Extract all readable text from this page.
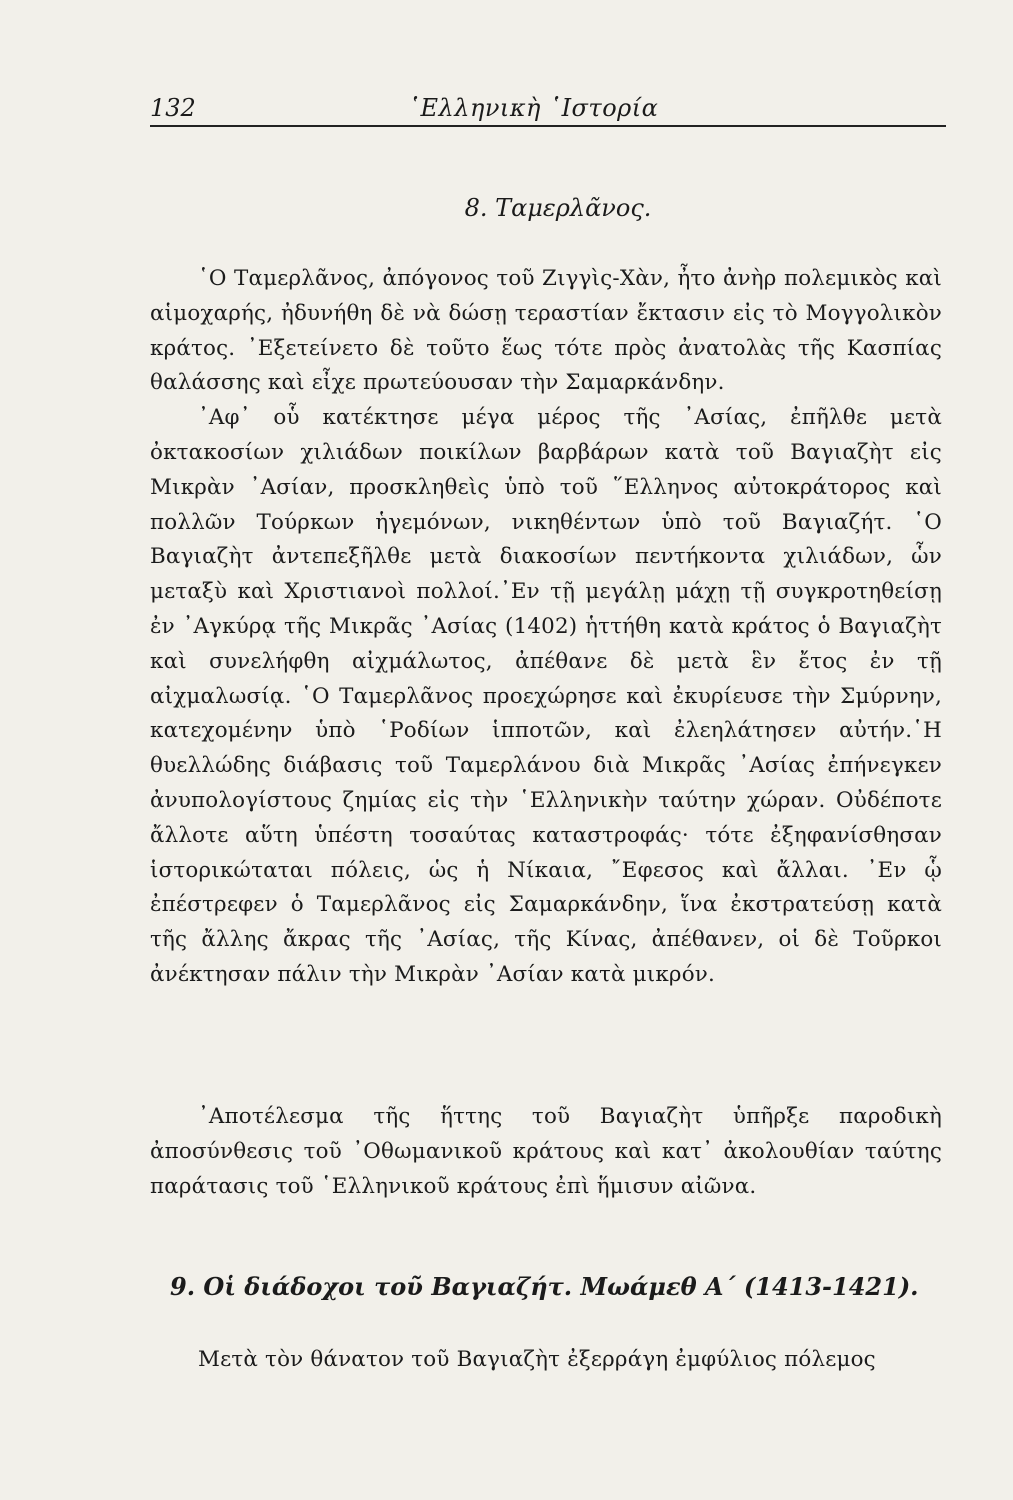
132	῾Ελληνικὴ ῾Ιστορία
8. Ταμερλᾶνος.

῾Ο Ταμερλᾶνος, ἀπόγονος τοῦ Ζιγγὶς-Χὰν, ἦτο ἀνὴρ πολεμικὸς καὶ αἱμοχαρής, ἠδυνήθη δὲ νὰ δώσῃ τεραστίαν ἔκτασιν εἰς τὸ Μογγολικὸν κράτος. ᾿Εξετείνετο δὲ τοῦτο ἕως τότε πρὸς ἀνατολὰς τῆς Κασπίας θαλάσσης καὶ εἶχε πρωτεύουσαν τὴν Σαμαρκάνδην.

᾿Αφ᾿ οὗ κατέκτησε μέγα μέρος τῆς ᾿Ασίας, ἐπῆλθε μετὰ ὀκτακοσίων χιλιάδων ποικίλων βαρβάρων κατὰ τοῦ Βαγιαζὴτ εἰς Μικρὰν ᾿Ασίαν, προσκληθεὶς ὑπὸ τοῦ ῞Ελληνος αὐτοκράτορος καὶ πολλῶν Τούρκων ἡγεμόνων, νικηθέντων ὑπὸ τοῦ Βαγιαζήτ. ῾Ο Βαγιαζὴτ ἀντεπεξῆλθε μετὰ διακοσίων πεντήκοντα χιλιάδων, ὧν μεταξὺ καὶ Χριστιανοὶ πολλοί.᾿Εν τῇ μεγάλῃ μάχῃ τῇ συγκροτηθείσῃ ἐν ᾿Αγκύρᾳ τῆς Μικρᾶς ᾿Ασίας (1402) ἡττήθη κατὰ κράτος ὁ Βαγιαζὴτ καὶ συνελήφθη αἰχμάλωτος, ἀπέθανε δὲ μετὰ ἓν ἔτος ἐν τῇ αἰχμαλωσίᾳ. ῾Ο Ταμερλᾶνος προεχώρησε καὶ ἐκυρίευσε τὴν Σμύρνην, κατεχομένην ὑπὸ ῾Ροδίων ἱπποτῶν, καὶ ἐλεηλάτησεν αὐτήν.῾Η θυελλώδης διάβασις τοῦ Ταμερλάνου διὰ Μικρᾶς ᾿Ασίας ἐπήνεγκεν ἀνυπολογίστους ζημίας εἰς τὴν ῾Ελληνικὴν ταύτην χώραν. Οὐδέποτε ἄλλοτε αὕτη ὑπέστη τοσαύτας καταστροφάς· τότε ἐξηφανίσθησαν ἱστορικώταται πόλεις, ὡς ἡ Νίκαια, ῎Εφεσος καὶ ἄλλαι. ᾿Εν ᾧ ἐπέστρεφεν ὁ Ταμερλᾶνος εἰς Σαμαρκάνδην, ἵνα ἐκστρατεύσῃ κατὰ τῆς ἄλλης ἄκρας τῆς ᾿Ασίας, τῆς Κίνας, ἀπέθανεν, οἱ δὲ Τοῦρκοι ἀνέκτησαν πάλιν τὴν Μικρὰν ᾿Ασίαν κατὰ μικρόν.

᾿Αποτέλεσμα τῆς ἥττης τοῦ Βαγιαζὴτ ὑπῆρξε παροδικὴ ἀποσύνθεσις τοῦ ᾿Οθωμανικοῦ κράτους καὶ κατ᾿ ἀκολουθίαν ταύτης παράτασις τοῦ ῾Ελληνικοῦ κράτους ἐπὶ ἥμισυν αἰῶνα.

9. Οἱ διάδοχοι τοῦ Βαγιαζήτ. Μωάμεθ Α΄ (1413-1421).

Μετὰ τὸν θάνατον τοῦ Βαγιαζὴτ ἐξερράγη ἐμφύλιος πόλεμος
